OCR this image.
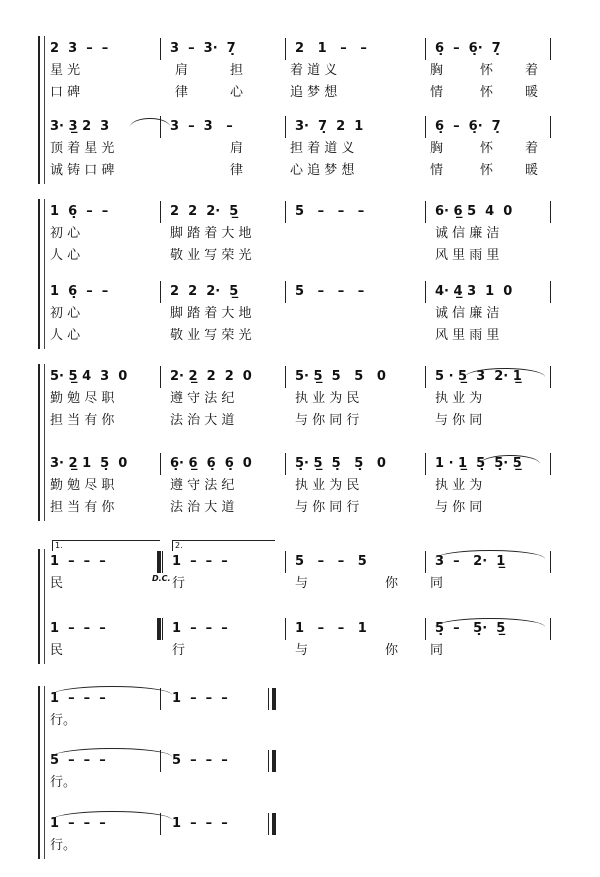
2  3  –  –	3  –  3·  7̣	2   1   –   –	6̣  –  6̣·  7̣
星 光	肩	担	着 道 义	胸	怀 着
口 碑	律	心	追 梦 想	情	怀 暖
3· 3̲ 2  3	3  –  3   –	3·  7̣  2  1	6̣  –  6̣·  7̣
顶 着 星 光	肩	担 着 道 义	胸	怀 着
诚 铸 口 碑	律	心 追 梦 想	情	怀 暖
1  6̣  –  –	2  2  2·  5̲	5   –   –   –	6· 6̲ 5  4  0
初 心	脚 踏 着 大 地	诚 信 廉 洁
人 心	敬 业 写 荣 光	风 里 雨 里
1  6̣  –  –	2  2  2·  5̲	5   –   –   –	4· 4̲ 3  1  0
初 心	脚 踏 着 大 地	诚 信 廉 洁
人 心	敬 业 写 荣 光	风 里 雨 里
5· 5̲ 4  3  0	2· 2̲  2  2  0	5· 5̲  5   5   0	5 · 5̲  3  2· 1̲
勤 勉 尽 职	遵 守 法 纪	执 业 为 民	执 业 为
担 当 有 你	法 治 大 道	与 你 同 行	与 你 同
3· 2̲ 1  5̣  0	6̣· 6̲  6̣  6̣  0	5̣· 5̲  5̣   5̣   0	1 · 1̲  5̣  5̣· 5̲
勤 勉 尽 职	遵 守 法 纪	执 业 为 民	执 业 为
担 当 有 你	法 治 大 道	与 你 同 行	与 你 同
1  –  –  –	1  –  –  –	5   –   –   5	3  –   2·  1̲
民	行	与	你 同
1  –  –  –	1  –  –  –	1   –   –   1	5̣  –   5̣·  5̲
民	行	与	你 同
1  –  –  –	1  –  –  –
行。
5  –  –  –	5  –  –  –
行。
1  –  –  –	1  –  –  –
行。
1.	2.
D.C.
